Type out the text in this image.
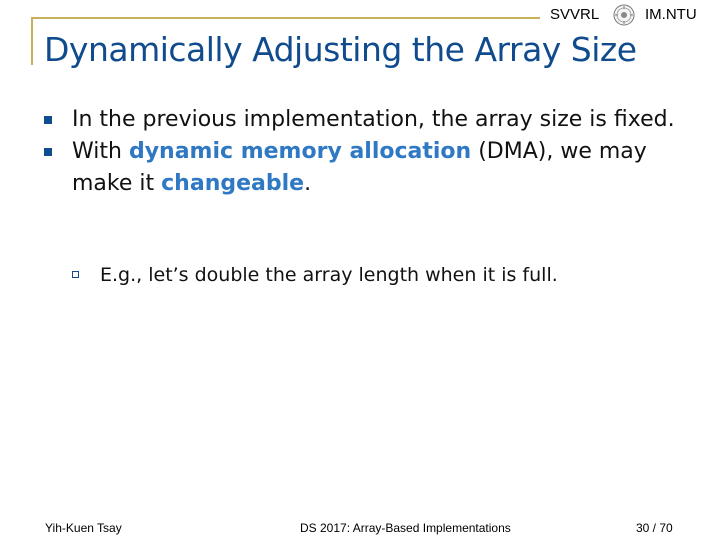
SVVRL	IM.NTU
Dynamically Adjusting the Array Size
In the previous implementation, the array size is fixed.
With dynamic memory allocation (DMA), we may make it changeable.
E.g., let’s double the array length when it is full.
Yih-Kuen Tsay	DS 2017: Array-Based Implementations	30 / 70
